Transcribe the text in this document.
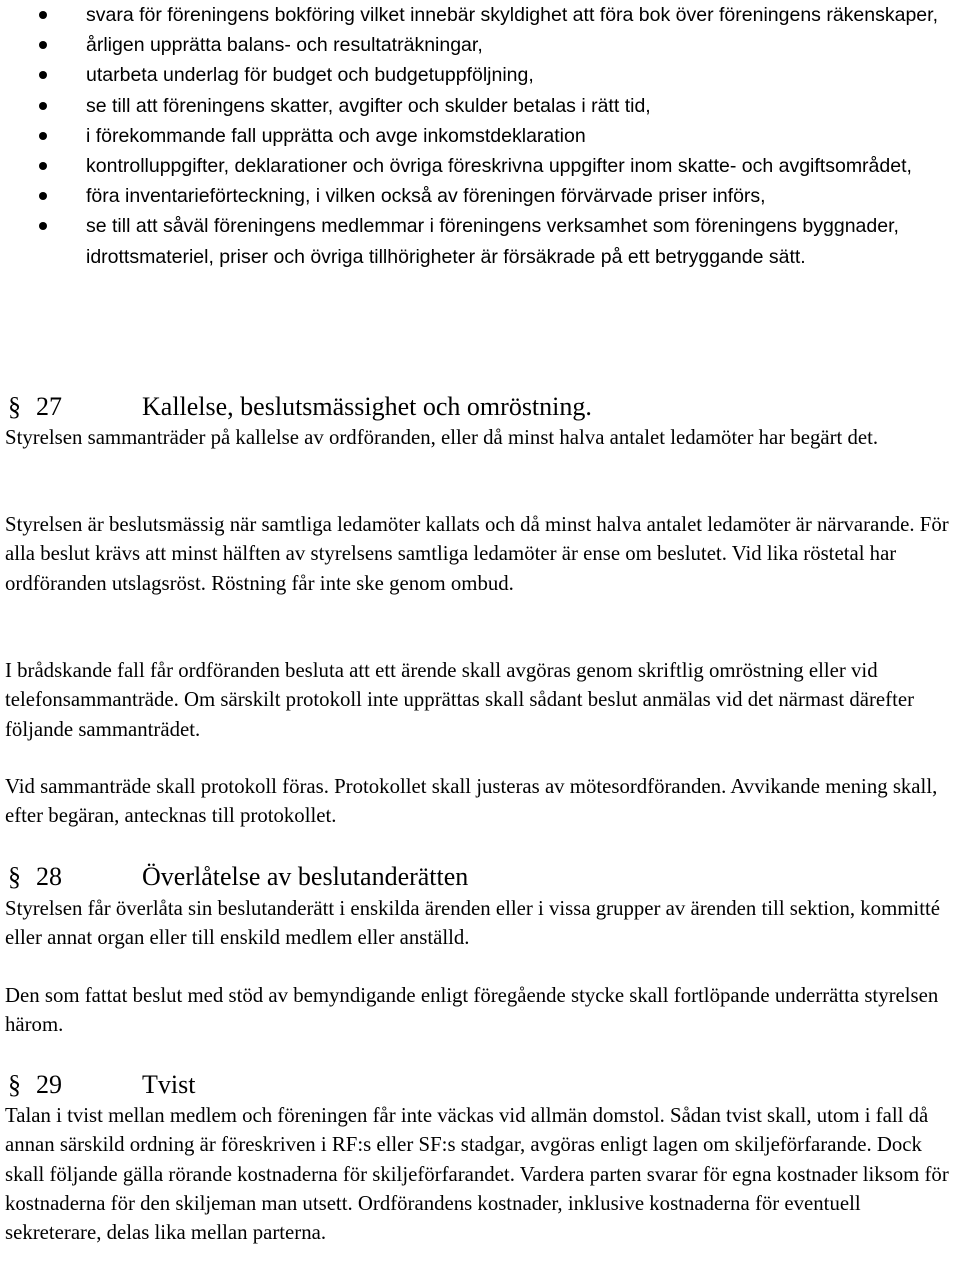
svara för föreningens bokföring vilket innebär skyldighet att föra bok över föreningens räkenskaper,
årligen upprätta balans- och resultaträkningar,
utarbeta underlag för budget och budgetuppföljning,
se till att föreningens skatter, avgifter och skulder betalas i rätt tid,
i förekommande fall upprätta och avge inkomstdeklaration
kontrolluppgifter, deklarationer och övriga föreskrivna uppgifter inom skatte- och avgiftsområdet,
föra inventarieförteckning, i vilken också av föreningen förvärvade priser införs,
se till att såväl föreningens medlemmar i föreningens verksamhet som föreningens byggnader, idrottsmateriel, priser och övriga tillhörigheter är försäkrade på ett betryggande sätt.
§ 27	Kallelse, beslutsmässighet och omröstning.

Styrelsen sammanträder på kallelse av ordföranden, eller då minst halva antalet ledamöter har begärt det.

Styrelsen är beslutsmässig när samtliga ledamöter kallats och då minst halva antalet ledamöter är närvarande. För alla beslut krävs att minst hälften av styrelsens samtliga ledamöter är ense om beslutet. Vid lika röstetal har ordföranden utslagsröst. Röstning får inte ske genom ombud.

I brådskande fall får ordföranden besluta att ett ärende skall avgöras genom skriftlig omröstning eller vid telefonsammanträde. Om särskilt protokoll inte upprättas skall sådant beslut anmälas vid det närmast därefter följande sammanträdet.

Vid sammanträde skall protokoll föras. Protokollet skall justeras av mötesordföranden. Avvikande mening skall, efter begäran, antecknas till protokollet.

§ 28	Överlåtelse av beslutanderätten

Styrelsen får överlåta sin beslutanderätt i enskilda ärenden eller i vissa grupper av ärenden till sektion, kommitté eller annat organ eller till enskild medlem eller anställd.

Den som fattat beslut med stöd av bemyndigande enligt föregående stycke skall fortlöpande underrätta styrelsen härom.

§ 29	Tvist

Talan i tvist mellan medlem och föreningen får inte väckas vid allmän domstol. Sådan tvist skall, utom i fall då annan särskild ordning är föreskriven i RF:s eller SF:s stadgar, avgöras enligt lagen om skiljeförfarande. Dock skall följande gälla rörande kostnaderna för skiljeförfarandet. Vardera parten svarar för egna kostnader liksom för kostnaderna för den skiljeman man utsett. Ordförandens kostnader, inklusive kostnaderna för eventuell sekreterare, delas lika mellan parterna.
